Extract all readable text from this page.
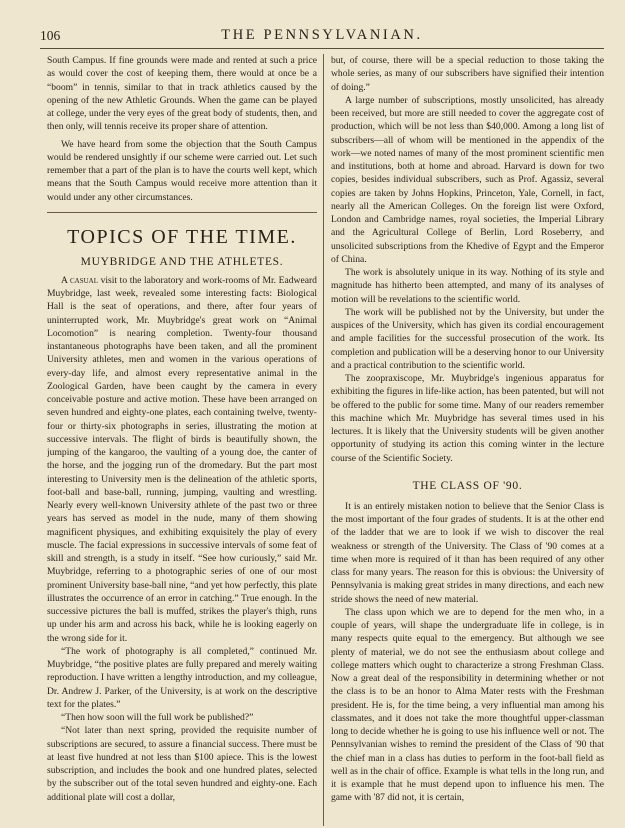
106	THE PENNSYLVANIAN.

South Campus. If fine grounds were made and rented at such a price as would cover the cost of keeping them, there would at once be a “boom” in tennis, similar to that in track athletics caused by the opening of the new Athletic Grounds. When the game can be played at college, under the very eyes of the great body of students, then, and then only, will tennis receive its proper share of attention.

We have heard from some the objection that the South Campus would be rendered unsightly if our scheme were carried out. Let such remember that a part of the plan is to have the courts well kept, which means that the South Campus would receive more attention than it would under any other circumstances.

TOPICS OF THE TIME.
MUYBRIDGE AND THE ATHLETES.

A casual visit to the laboratory and work-rooms of Mr. Eadweard Muybridge, last week, revealed some interesting facts: Biological Hall is the seat of operations, and there, after four years of uninterrupted work, Mr. Muybridge's great work on “Animal Locomotion” is nearing completion. Twenty-four thousand instantaneous photographs have been taken, and all the prominent University athletes, men and women in the various operations of every-day life, and almost every representative animal in the Zoological Garden, have been caught by the camera in every conceivable posture and active motion. These have been arranged on seven hundred and eighty-one plates, each containing twelve, twenty-four or thirty-six photographs in series, illustrating the motion at successive intervals. The flight of birds is beautifully shown, the jumping of the kangaroo, the vaulting of a young doe, the canter of the horse, and the jogging run of the dromedary. But the part most interesting to University men is the delineation of the athletic sports, foot-ball and base-ball, running, jumping, vaulting and wrestling. Nearly every well-known University athlete of the past two or three years has served as model in the nude, many of them showing magnificent physiques, and exhibiting exquisitely the play of every muscle. The facial expressions in successive intervals of some feat of skill and strength, is a study in itself. “See how curiously,” said Mr. Muybridge, referring to a photographic series of one of our most prominent University base-ball nine, “and yet how perfectly, this plate illustrates the occurrence of an error in catching.” True enough. In the successive pictures the ball is muffed, strikes the player's thigh, runs up under his arm and across his back, while he is looking eagerly on the wrong side for it.

“The work of photography is all completed,” continued Mr. Muybridge, “the positive plates are fully prepared and merely waiting reproduction. I have written a lengthy introduction, and my colleague, Dr. Andrew J. Parker, of the University, is at work on the descriptive text for the plates.”

“Then how soon will the full work be published?”

“Not later than next spring, provided the requisite number of subscriptions are secured, to assure a financial success. There must be at least five hundred at not less than $100 apiece. This is the lowest subscription, and includes the book and one hundred plates, selected by the subscriber out of the total seven hundred and eighty-one. Each additional plate will cost a dollar,

but, of course, there will be a special reduction to those taking the whole series, as many of our subscribers have signified their intention of doing.”

A large number of subscriptions, mostly unsolicited, has already been received, but more are still needed to cover the aggregate cost of production, which will be not less than $40,000. Among a long list of subscribers—all of whom will be mentioned in the appendix of the work—we noted names of many of the most prominent scientific men and institutions, both at home and abroad. Harvard is down for two copies, besides individual subscribers, such as Prof. Agassiz, several copies are taken by Johns Hopkins, Princeton, Yale, Cornell, in fact, nearly all the American Colleges. On the foreign list were Oxford, London and Cambridge names, royal societies, the Imperial Library and the Agricultural College of Berlin, Lord Roseberry, and unsolicited subscriptions from the Khedive of Egypt and the Emperor of China.

The work is absolutely unique in its way. Nothing of its style and magnitude has hitherto been attempted, and many of its analyses of motion will be revelations to the scientific world.

The work will be published not by the University, but under the auspices of the University, which has given its cordial encouragement and ample facilities for the successful prosecution of the work. Its completion and publication will be a deserving honor to our University and a practical contribution to the scientific world.

The zoopraxiscope, Mr. Muybridge's ingenious apparatus for exhibiting the figures in life-like action, has been patented, but will not be offered to the public for some time. Many of our readers remember this machine which Mr. Muybridge has several times used in his lectures. It is likely that the University students will be given another opportunity of studying its action this coming winter in the lecture course of the Scientific Society.

THE CLASS OF '90.

It is an entirely mistaken notion to believe that the Senior Class is the most important of the four grades of students. It is at the other end of the ladder that we are to look if we wish to discover the real weakness or strength of the University. The Class of '90 comes at a time when more is required of it than has been required of any other class for many years. The reason for this is obvious: the University of Pennsylvania is making great strides in many directions, and each new stride shows the need of new material.

The class upon which we are to depend for the men who, in a couple of years, will shape the undergraduate life in college, is in many respects quite equal to the emergency. But although we see plenty of material, we do not see the enthusiasm about college and college matters which ought to characterize a strong Freshman Class. Now a great deal of the responsibility in determining whether or not the class is to be an honor to Alma Mater rests with the Freshman president. He is, for the time being, a very influential man among his classmates, and it does not take the more thoughtful upper-classman long to decide whether he is going to use his influence well or not. The Pennsylvanian wishes to remind the president of the Class of '90 that the chief man in a class has duties to perform in the foot-ball field as well as in the chair of office. Example is what tells in the long run, and it is example that he must depend upon to influence his men. The game with '87 did not, it is certain,
